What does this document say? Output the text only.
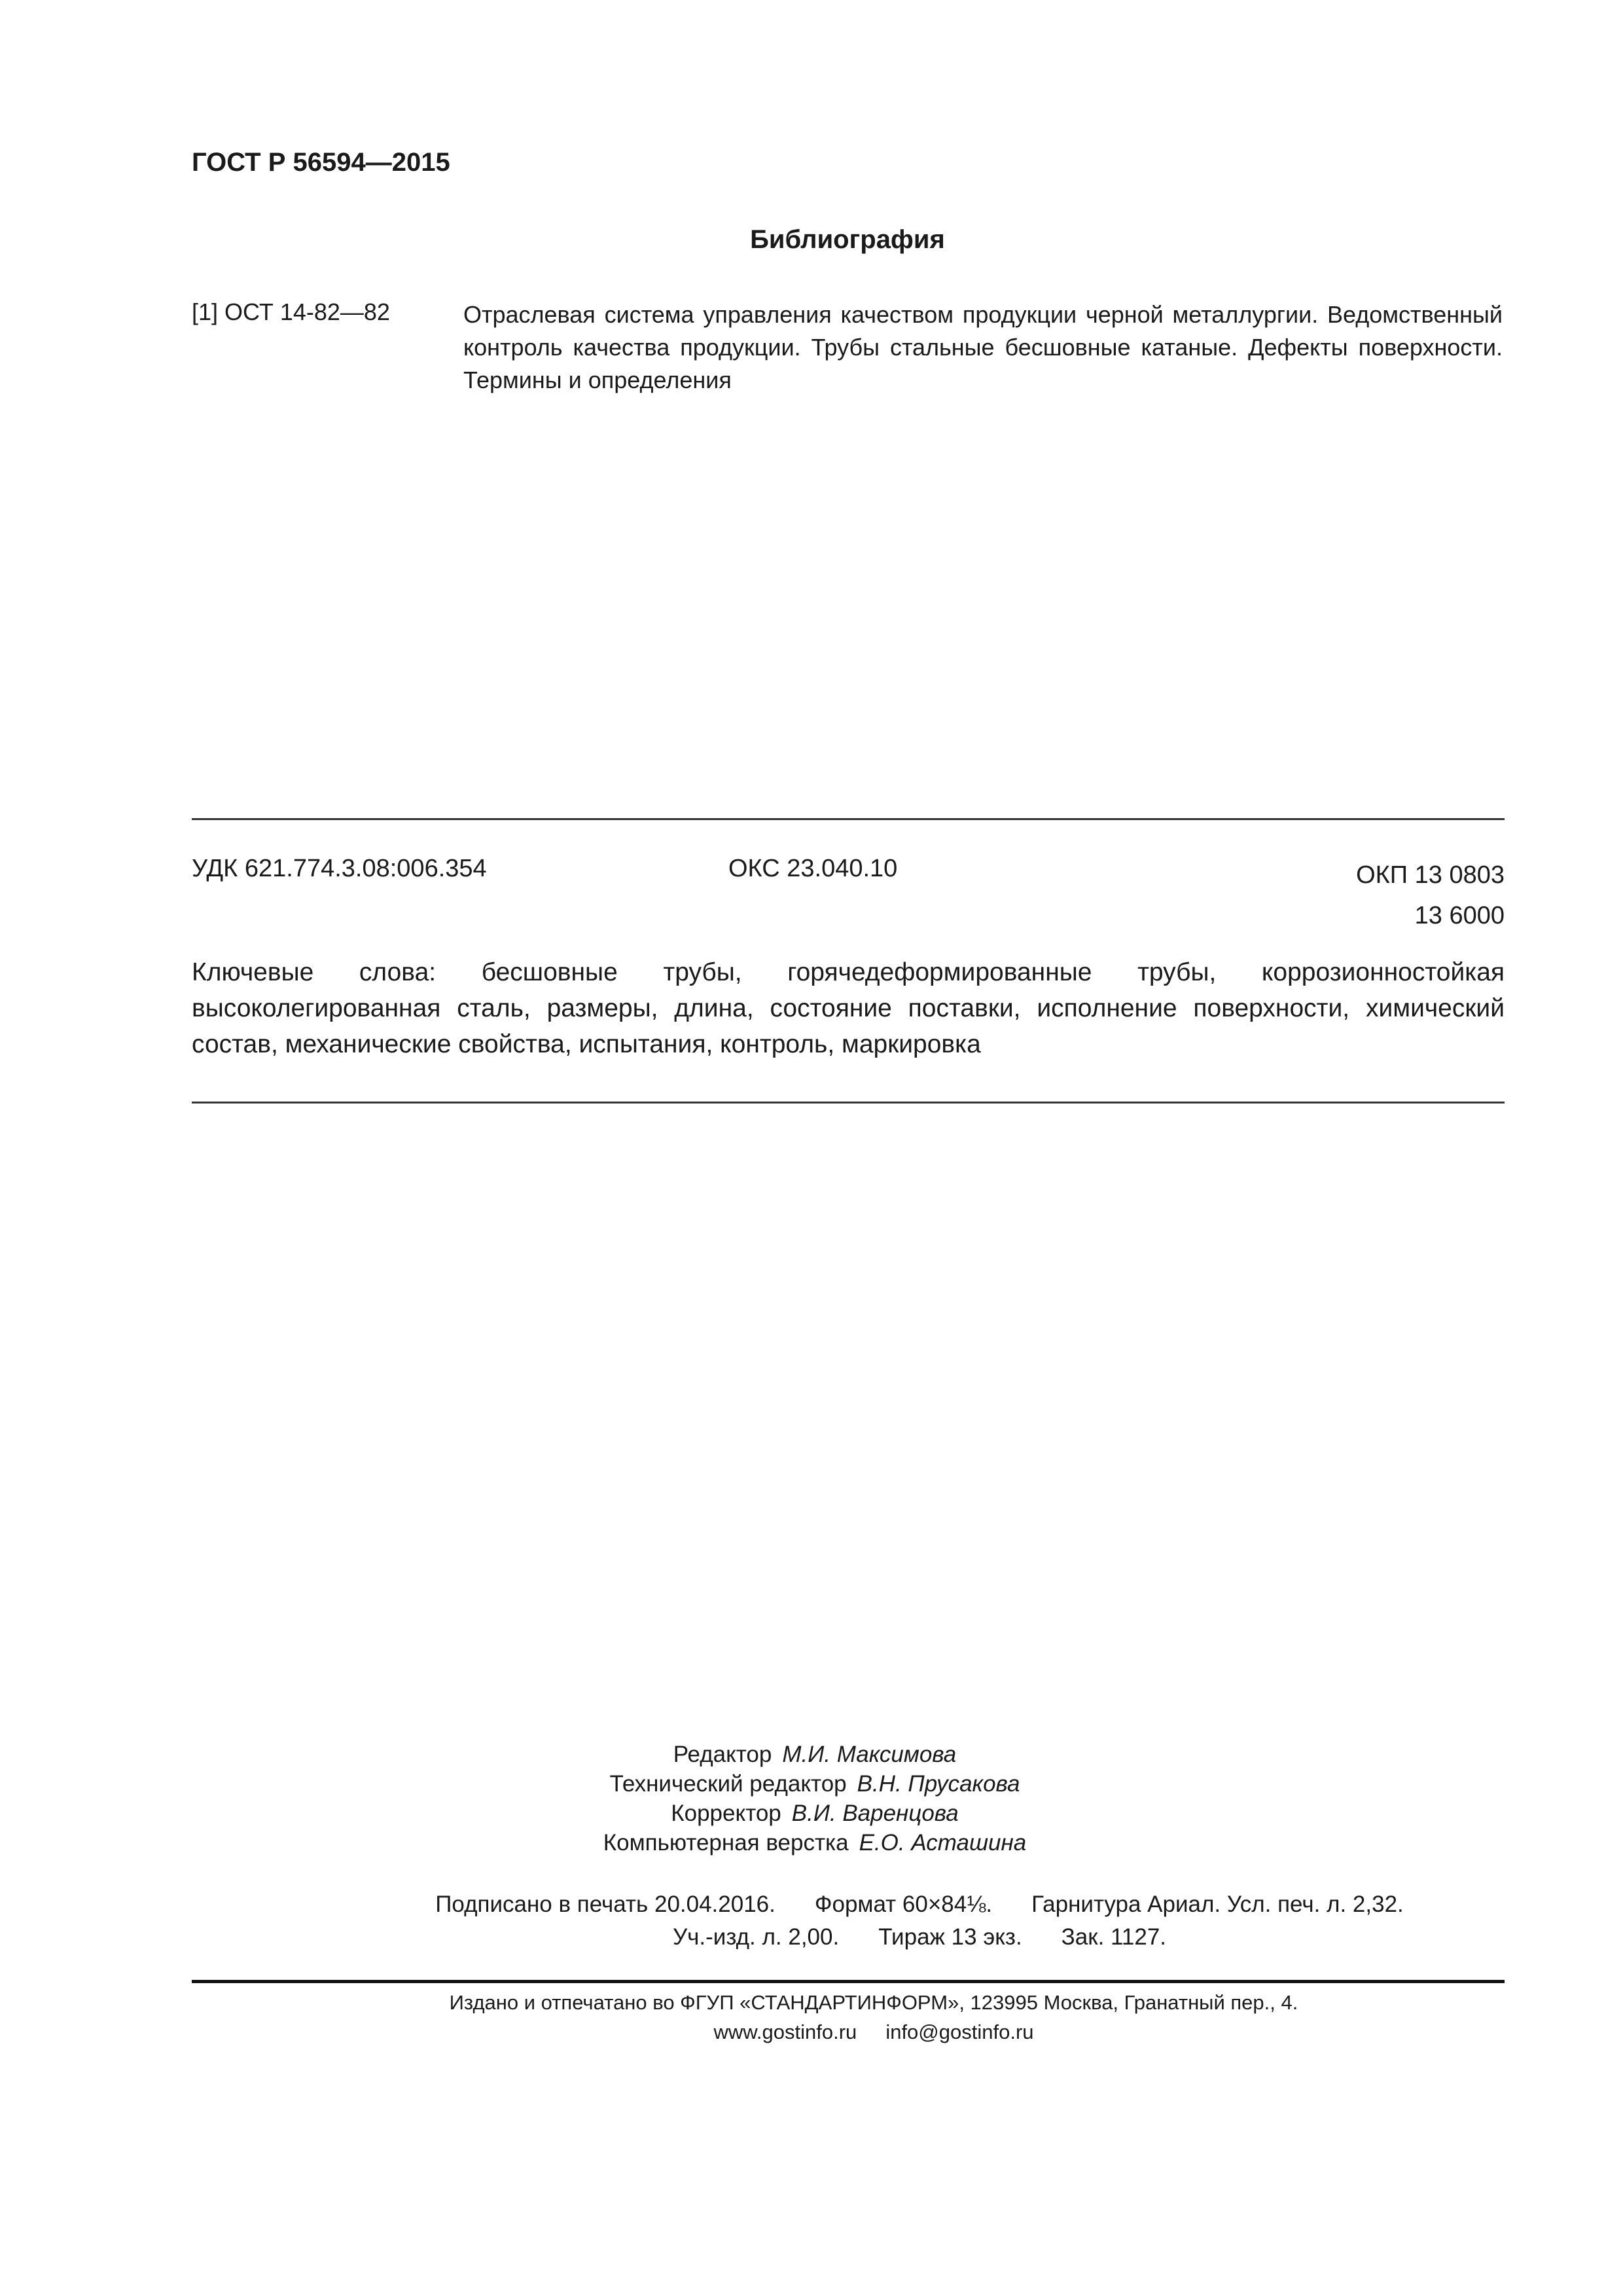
ГОСТ Р 56594—2015
Библиография
[1] ОСТ 14-82—82	Отраслевая система управления качеством продукции черной металлургии. Ведомственный контроль качества продукции. Трубы стальные бесшовные катаные. Дефекты поверхности. Термины и определения
УДК 621.774.3.08:006.354	ОКС 23.040.10	ОКП 13 0803
13 6000
Ключевые слова: бесшовные трубы, горячедеформированные трубы, коррозионностойкая высоколегированная сталь, размеры, длина, состояние поставки, исполнение поверхности, химический состав, механические свойства, испытания, контроль, маркировка
Редактор М.И. Максимова
Технический редактор В.Н. Прусакова
Корректор В.И. Варенцова
Компьютерная верстка Е.О. Асташина
Подписано в печать 20.04.2016. Формат 60×84⅛. Гарнитура Ариал. Усл. печ. л. 2,32.
Уч.-изд. л. 2,00. Тираж 13 экз. Зак. 1127.
Издано и отпечатано во ФГУП «СТАНДАРТИНФОРМ», 123995 Москва, Гранатный пер., 4.
www.gostinfo.ru info@gostinfo.ru
